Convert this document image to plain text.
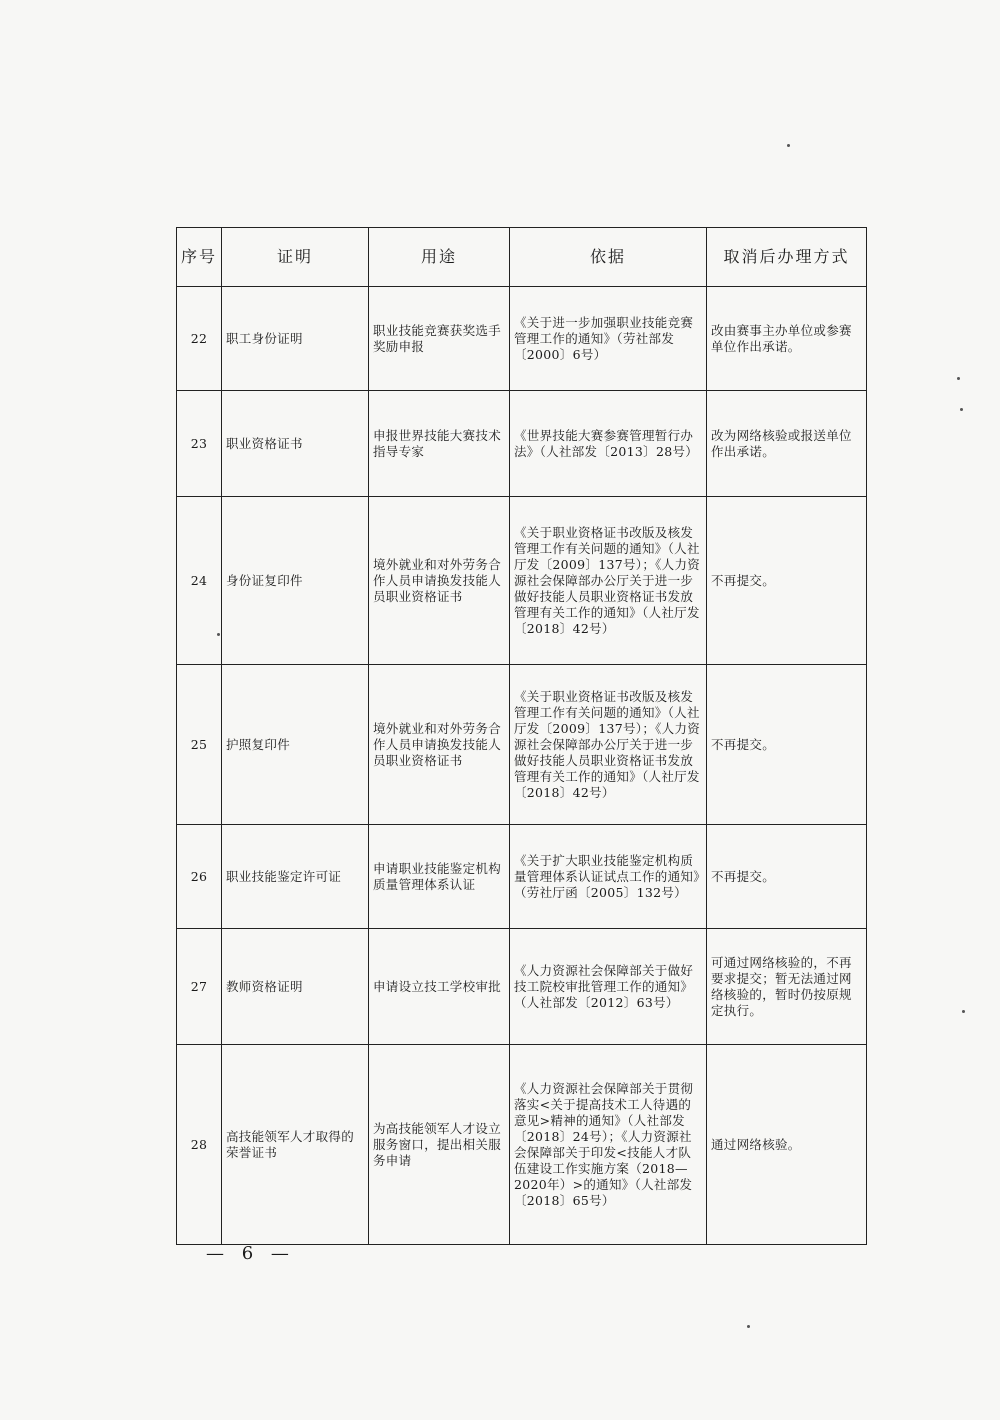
序号	证明	用途	依据	取消后办理方式
22	职工身份证明	职业技能竞赛获奖选手奖励申报	《关于进一步加强职业技能竞赛管理工作的通知》（劳社部发〔2000〕6号）	改由赛事主办单位或参赛单位作出承诺。
23	职业资格证书	申报世界技能大赛技术指导专家	《世界技能大赛参赛管理暂行办法》（人社部发〔2013〕28号）	改为网络核验或报送单位作出承诺。
24	身份证复印件	境外就业和对外劳务合作人员申请换发技能人员职业资格证书	《关于职业资格证书改版及核发管理工作有关问题的通知》（人社厅发〔2009〕137号）；《人力资源社会保障部办公厅关于进一步做好技能人员职业资格证书发放管理有关工作的通知》（人社厅发〔2018〕42号）	不再提交。
25	护照复印件	境外就业和对外劳务合作人员申请换发技能人员职业资格证书	《关于职业资格证书改版及核发管理工作有关问题的通知》（人社厅发〔2009〕137号）；《人力资源社会保障部办公厅关于进一步做好技能人员职业资格证书发放管理有关工作的通知》（人社厅发〔2018〕42号）	不再提交。
26	职业技能鉴定许可证	申请职业技能鉴定机构质量管理体系认证	《关于扩大职业技能鉴定机构质量管理体系认证试点工作的通知》（劳社厅函〔2005〕132号）	不再提交。
27	教师资格证明	申请设立技工学校审批	《人力资源社会保障部关于做好技工院校审批管理工作的通知》（人社部发〔2012〕63号）	可通过网络核验的，不再要求提交；暂无法通过网络核验的，暂时仍按原规定执行。
28	高技能领军人才取得的荣誉证书	为高技能领军人才设立服务窗口，提出相关服务申请	《人力资源社会保障部关于贯彻落实<关于提高技术工人待遇的意见>精神的通知》（人社部发〔2018〕24号）；《人力资源社会保障部关于印发<技能人才队伍建设工作实施方案（2018—2020年）>的通知》（人社部发〔2018〕65号）	通过网络核验。
— 6 —
